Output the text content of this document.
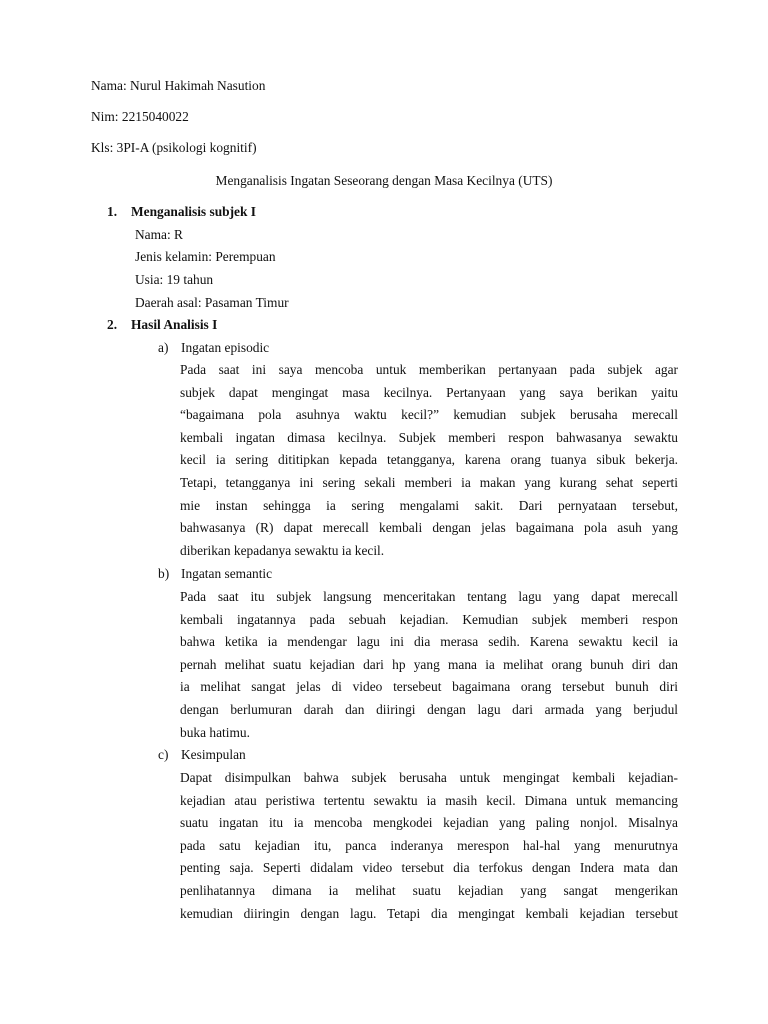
Nama: Nurul Hakimah Nasution
Nim: 2215040022
Kls: 3PI-A (psikologi kognitif)
Menganalisis Ingatan Seseorang dengan Masa Kecilnya (UTS)
1. Menganalisis subjek I
Nama: R
Jenis kelamin: Perempuan
Usia: 19 tahun
Daerah asal: Pasaman Timur
2. Hasil Analisis I
a) Ingatan episodic
Pada saat ini saya mencoba untuk memberikan pertanyaan pada subjek agar
subjek dapat mengingat masa kecilnya. Pertanyaan yang saya berikan yaitu
“bagaimana pola asuhnya waktu kecil?” kemudian subjek berusaha merecall
kembali ingatan dimasa kecilnya. Subjek memberi respon bahwasanya sewaktu
kecil ia sering dititipkan kepada tetangganya, karena orang tuanya sibuk bekerja.
Tetapi, tetangganya ini sering sekali memberi ia makan yang kurang sehat seperti
mie instan sehingga ia sering mengalami sakit. Dari pernyataan tersebut,
bahwasanya (R) dapat merecall kembali dengan jelas bagaimana pola asuh yang
diberikan kepadanya sewaktu ia kecil.
b) Ingatan semantic
Pada saat itu subjek langsung menceritakan tentang lagu yang dapat merecall
kembali ingatannya pada sebuah kejadian. Kemudian subjek memberi respon
bahwa ketika ia mendengar lagu ini dia merasa sedih. Karena sewaktu kecil ia
pernah melihat suatu kejadian dari hp yang mana ia melihat orang bunuh diri dan
ia melihat sangat jelas di video tersebeut bagaimana orang tersebut bunuh diri
dengan berlumuran darah dan diiringi dengan lagu dari armada yang berjudul
buka hatimu.
c) Kesimpulan
Dapat disimpulkan bahwa subjek berusaha untuk mengingat kembali kejadian-
kejadian atau peristiwa tertentu sewaktu ia masih kecil. Dimana untuk memancing
suatu ingatan itu ia mencoba mengkodei kejadian yang paling nonjol. Misalnya
pada satu kejadian itu, panca inderanya merespon hal-hal yang menurutnya
penting saja. Seperti didalam video tersebut dia terfokus dengan Indera mata dan
penlihatannya dimana ia melihat suatu kejadian yang sangat mengerikan
kemudian diiringin dengan lagu. Tetapi dia mengingat kembali kejadian tersebut
